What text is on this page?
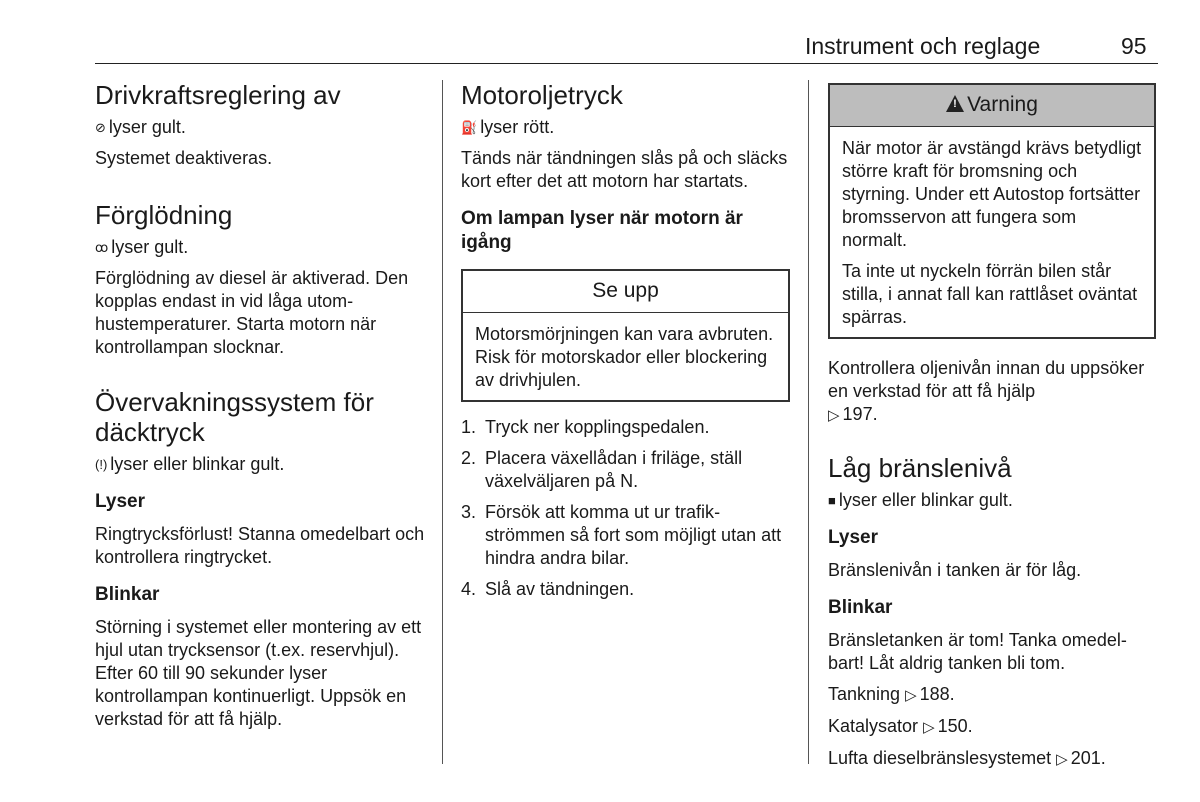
Instrument och reglage	95
Drivkraftsreglering av

⊘ lyser gult.

Systemet deaktiveras.

Förglödning

ꝏ lyser gult.

Förglödning av diesel är aktiverad. Den kopplas endast in vid låga utomhustemperaturer. Starta motorn när kontrollampan slocknar.

Övervakningssystem för däcktryck

(!) lyser eller blinkar gult.

Lyser

Ringtrycksförlust! Stanna omedelbart och kontrollera ringtrycket.

Blinkar

Störning i systemet eller montering av ett hjul utan trycksensor (t.ex. reservhjul). Efter 60 till 90 sekunder lyser kontrollampan kontinuerligt. Uppsök en verkstad för att få hjälp.

Motoroljetryck

⛽ lyser rött.

Tänds när tändningen slås på och släcks kort efter det att motorn har startats.

Om lampan lyser när motorn är igång
Se upp

Motorsmörjningen kan vara avbruten. Risk för motorskador eller blockering av drivhjulen.

1. Tryck ner kopplingspedalen.
2. Placera växellådan i friläge, ställ växelväljaren på N.
3. Försök att komma ut ur trafikströmmen så fort som möjligt utan att hindra andra bilar.
4. Slå av tändningen.
!Varning

När motor är avstängd krävs betydligt större kraft för bromsning och styrning. Under ett Autostop fortsätter bromsservon att fungera som normalt.

Ta inte ut nyckeln förrän bilen står stilla, i annat fall kan rattlåset oväntat spärras.

Kontrollera oljenivån innan du uppsöker en verkstad för att få hjälp
▷ 197.

Låg bränslenivå

■ lyser eller blinkar gult.

Lyser

Bränslenivån i tanken är för låg.

Blinkar

Bränsletanken är tom! Tanka omedelbart! Låt aldrig tanken bli tom.

Tankning ▷ 188.

Katalysator ▷ 150.

Lufta dieselbränslesystemet ▷ 201.
